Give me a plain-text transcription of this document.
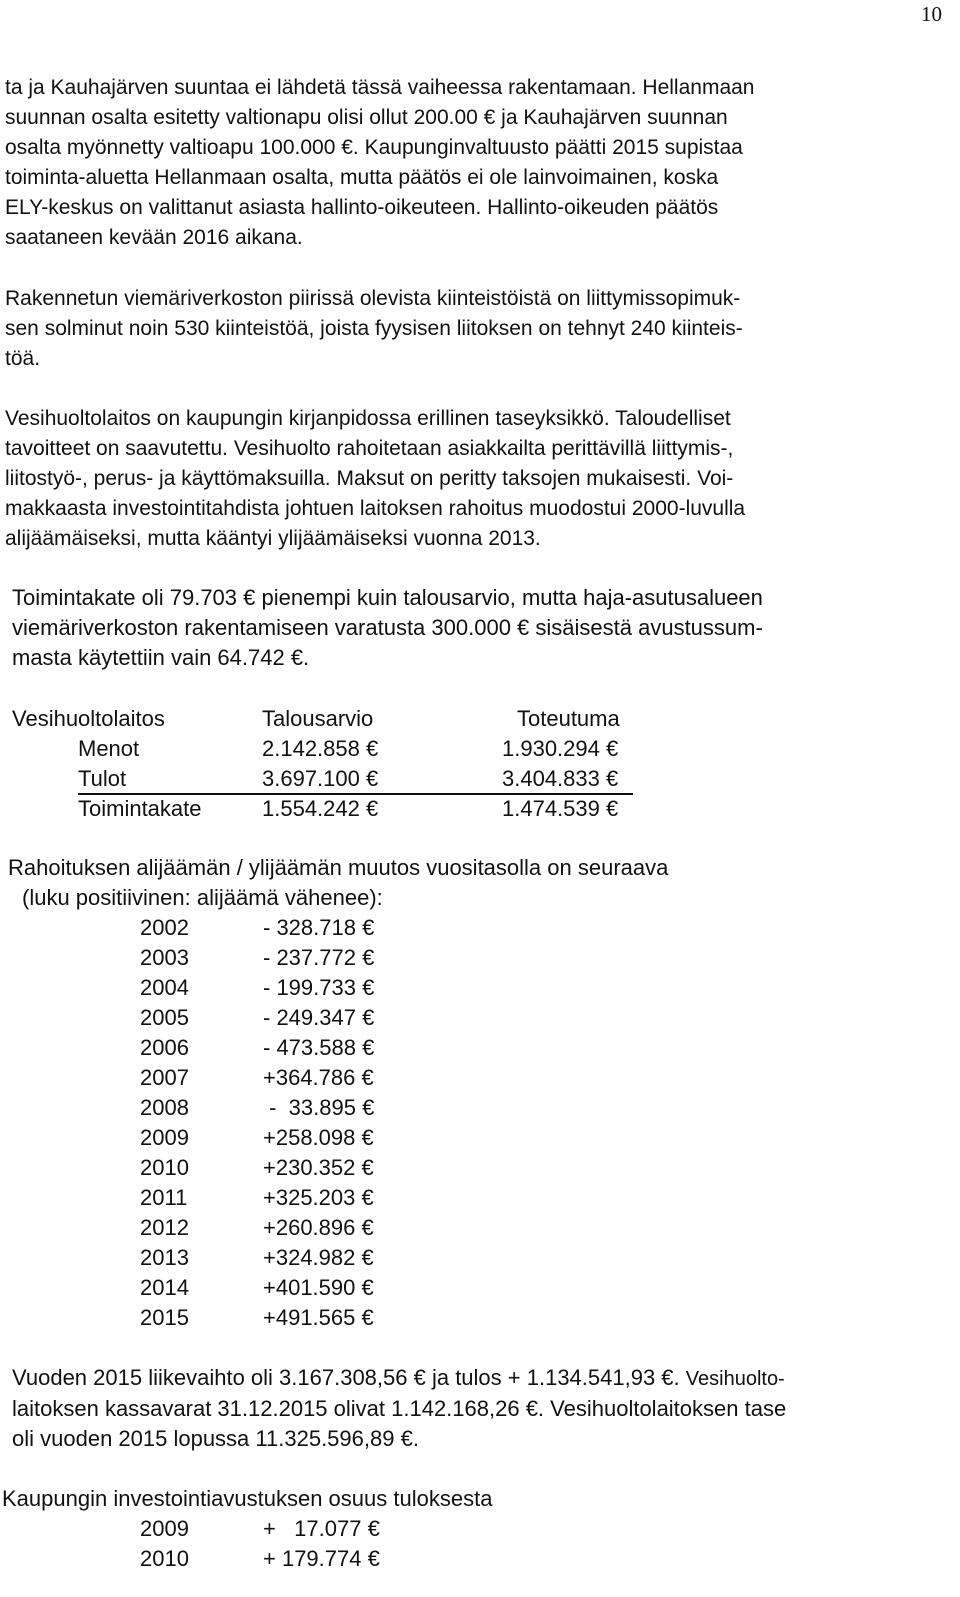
10
ta ja Kauhajärven suuntaa ei lähdetä tässä vaiheessa rakentamaan. Hellanmaan
suunnan osalta esitetty valtionapu olisi ollut 200.00 € ja Kauhajärven suunnan
osalta myönnetty valtioapu 100.000 €. Kaupunginvaltuusto päätti 2015 supistaa
toiminta-aluetta Hellanmaan osalta, mutta päätös ei ole lainvoimainen, koska
ELY-keskus on valittanut asiasta hallinto-oikeuteen. Hallinto-oikeuden päätös
saataneen kevään 2016 aikana.
Rakennetun viemäriverkoston piirissä olevista kiinteistöistä on liittymissopimuk-
sen solminut noin 530 kiinteistöä, joista fyysisen liitoksen on tehnyt 240 kiinteis-
töä.
Vesihuoltolaitos on kaupungin kirjanpidossa erillinen taseyksikkö. Taloudelliset
tavoitteet on saavutettu. Vesihuolto rahoitetaan asiakkailta perittävillä liittymis-,
liitostyö-, perus- ja käyttömaksuilla. Maksut on peritty taksojen mukaisesti. Voi-
makkaasta investointitahdista johtuen laitoksen rahoitus muodostui 2000-luvulla
alijäämäiseksi, mutta kääntyi ylijäämäiseksi vuonna 2013.
Toimintakate oli 79.703 € pienempi kuin talousarvio, mutta haja-asutusalueen
viemäriverkoston rakentamiseen varatusta 300.000 € sisäisestä avustussum-
masta käytettiin vain 64.742 €.
Vesihuoltolaitos	Talousarvio	Toteutuma
Menot	2.142.858 €	1.930.294 €
Tulot	3.697.100 €	3.404.833 €
Toimintakate	1.554.242 €	1.474.539 €
Rahoituksen alijäämän / ylijäämän muutos vuositasolla on seuraava
(luku positiivinen: alijäämä vähenee):
2002	- 328.718 €
2003	- 237.772 €
2004	- 199.733 €
2005	- 249.347 €
2006	- 473.588 €
2007	+364.786 €
2008	-  33.895 €
2009	+258.098 €
2010	+230.352 €
2011	+325.203 €
2012	+260.896 €
2013	+324.982 €
2014	+401.590 €
2015	+491.565 €
Vuoden 2015 liikevaihto oli 3.167.308,56 € ja tulos + 1.134.541,93 €. Vesihuolto-
laitoksen kassavarat 31.12.2015 olivat 1.142.168,26 €. Vesihuoltolaitoksen tase
oli vuoden 2015 lopussa 11.325.596,89 €.
Kaupungin investointiavustuksen osuus tuloksesta
2009	+   17.077 €
2010	+ 179.774 €
